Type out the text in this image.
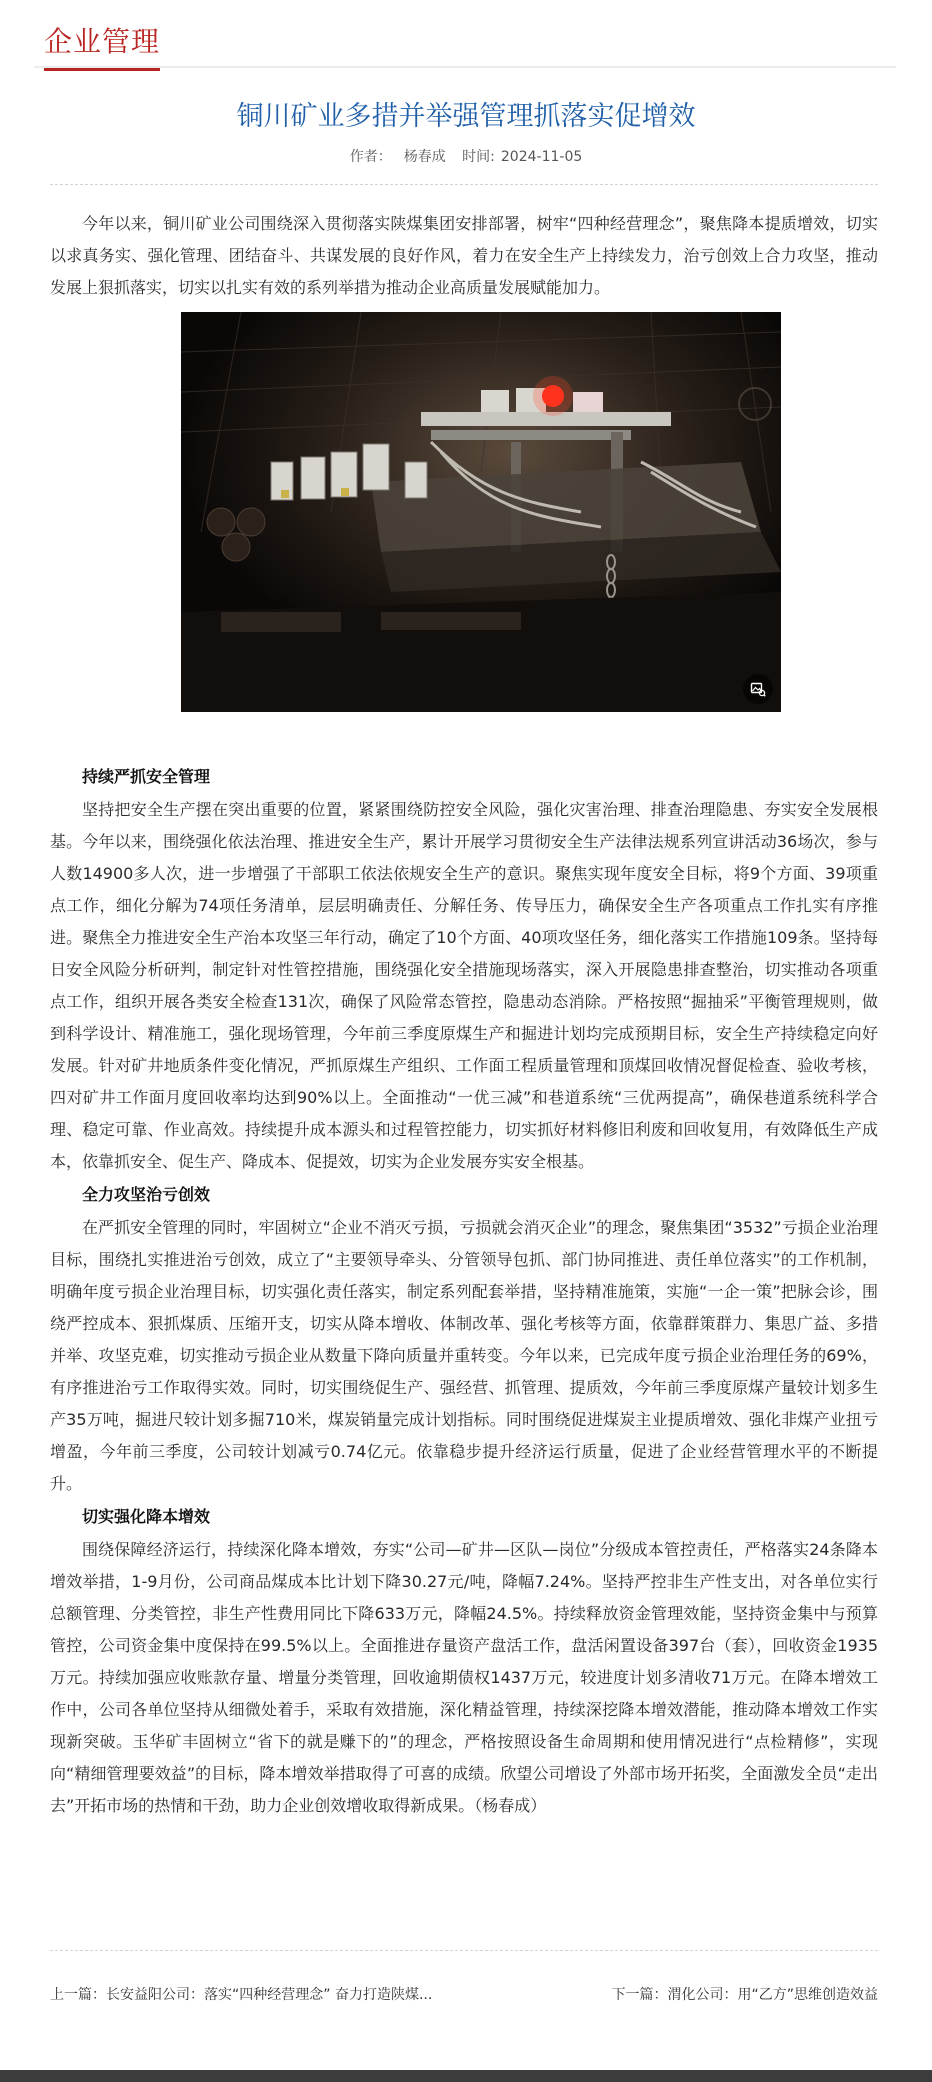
企业管理
铜川矿业多措并举强管理抓落实促增效
作者： 杨春成 时间: 2024-11-05

今年以来，铜川矿业公司围绕深入贯彻落实陕煤集团安排部署，树牢“四种经营理念”，聚焦降本提质增效，切实以求真务实、强化管理、团结奋斗、共谋发展的良好作风，着力在安全生产上持续发力，治亏创效上合力攻坚，推动发展上狠抓落实，切实以扎实有效的系列举措为推动企业高质量发展赋能加力。

持续严抓安全管理

坚持把安全生产摆在突出重要的位置，紧紧围绕防控安全风险，强化灾害治理、排查治理隐患、夯实安全发展根基。今年以来，围绕强化依法治理、推进安全生产，累计开展学习贯彻安全生产法律法规系列宣讲活动36场次，参与人数14900多人次，进一步增强了干部职工依法依规安全生产的意识。聚焦实现年度安全目标，将9个方面、39项重点工作，细化分解为74项任务清单，层层明确责任、分解任务、传导压力，确保安全生产各项重点工作扎实有序推进。聚焦全力推进安全生产治本攻坚三年行动，确定了10个方面、40项攻坚任务，细化落实工作措施109条。坚持每日安全风险分析研判，制定针对性管控措施，围绕强化安全措施现场落实，深入开展隐患排查整治，切实推动各项重点工作，组织开展各类安全检查131次，确保了风险常态管控，隐患动态消除。严格按照“掘抽采”平衡管理规则，做到科学设计、精准施工，强化现场管理，今年前三季度原煤生产和掘进计划均完成预期目标，安全生产持续稳定向好发展。针对矿井地质条件变化情况，严抓原煤生产组织、工作面工程质量管理和顶煤回收情况督促检查、验收考核，四对矿井工作面月度回收率均达到90%以上。全面推动“一优三减”和巷道系统“三优两提高”，确保巷道系统科学合理、稳定可靠、作业高效。持续提升成本源头和过程管控能力，切实抓好材料修旧利废和回收复用，有效降低生产成本，依靠抓安全、促生产、降成本、促提效，切实为企业发展夯实安全根基。

全力攻坚治亏创效

在严抓安全管理的同时，牢固树立“企业不消灭亏损，亏损就会消灭企业”的理念，聚焦集团“3532”亏损企业治理目标，围绕扎实推进治亏创效，成立了“主要领导牵头、分管领导包抓、部门协同推进、责任单位落实”的工作机制，明确年度亏损企业治理目标，切实强化责任落实，制定系列配套举措，坚持精准施策，实施“一企一策”把脉会诊，围绕严控成本、狠抓煤质、压缩开支，切实从降本增收、体制改革、强化考核等方面，依靠群策群力、集思广益、多措并举、攻坚克难，切实推动亏损企业从数量下降向质量并重转变。今年以来，已完成年度亏损企业治理任务的69%，有序推进治亏工作取得实效。同时，切实围绕促生产、强经营、抓管理、提质效，今年前三季度原煤产量较计划多生产35万吨，掘进尺较计划多掘710米，煤炭销量完成计划指标。同时围绕促进煤炭主业提质增效、强化非煤产业扭亏增盈，今年前三季度，公司较计划减亏0.74亿元。依靠稳步提升经济运行质量，促进了企业经营管理水平的不断提升。

切实强化降本增效

围绕保障经济运行，持续深化降本增效，夯实“公司—矿井—区队—岗位”分级成本管控责任，严格落实24条降本增效举措，1-9月份，公司商品煤成本比计划下降30.27元/吨，降幅7.24%。坚持严控非生产性支出，对各单位实行总额管理、分类管控，非生产性费用同比下降633万元，降幅24.5%。持续释放资金管理效能，坚持资金集中与预算管控，公司资金集中度保持在99.5%以上。全面推进存量资产盘活工作，盘活闲置设备397台（套），回收资金1935万元。持续加强应收账款存量、增量分类管理，回收逾期债权1437万元，较进度计划多清收71万元。在降本增效工作中，公司各单位坚持从细微处着手，采取有效措施，深化精益管理，持续深挖降本增效潜能，推动降本增效工作实现新突破。玉华矿丰固树立“省下的就是赚下的”的理念，严格按照设备生命周期和使用情况进行“点检精修”，实现向“精细管理要效益”的目标，降本增效举措取得了可喜的成绩。欣望公司增设了外部市场开拓奖，全面激发全员“走出去”开拓市场的热情和干劲，助力企业创效增收取得新成果。（杨春成）

上一篇：长安益阳公司：落实“四种经营理念” 奋力打造陕煤...	下一篇：渭化公司：用“乙方”思维创造效益
